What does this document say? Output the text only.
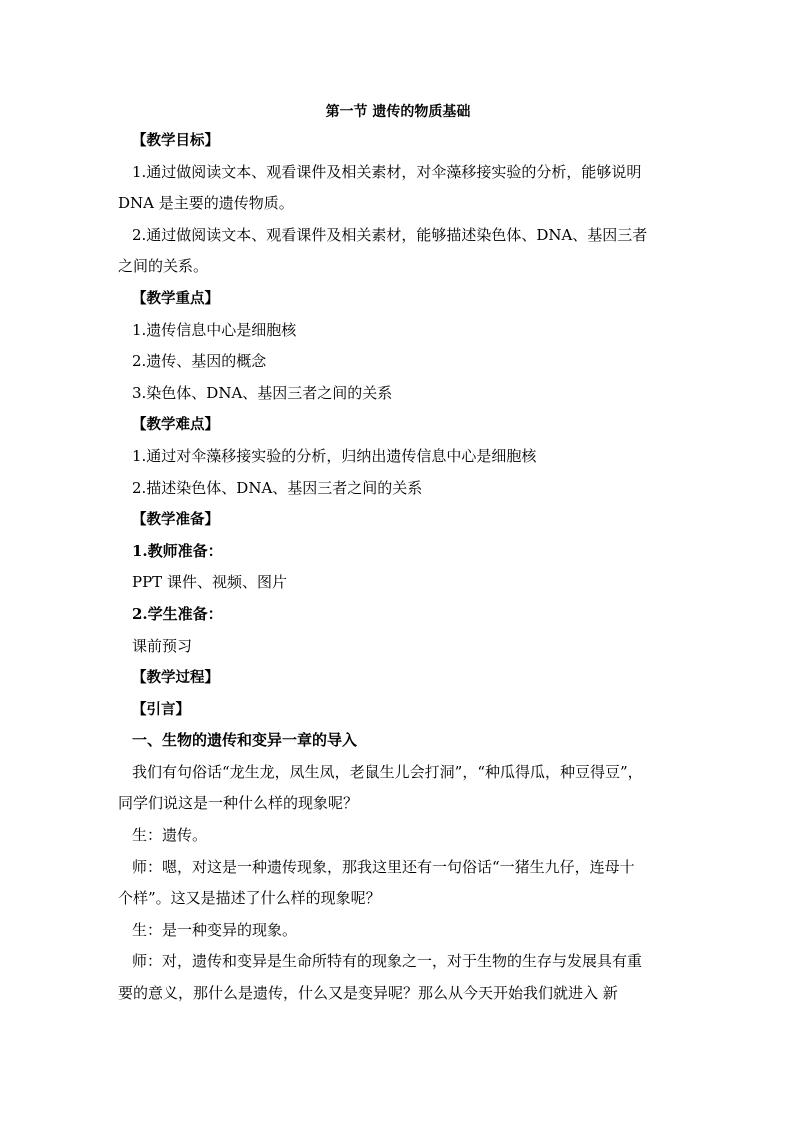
第一节 遗传的物质基础

【教学目标】

1.通过做阅读文本、观看课件及相关素材，对伞藻移接实验的分析，能够说明

DNA 是主要的遗传物质。

2.通过做阅读文本、观看课件及相关素材，能够描述染色体、DNA、基因三者

之间的关系。

【教学重点】

1.遗传信息中心是细胞核

2.遗传、基因的概念

3.染色体、DNA、基因三者之间的关系

【教学难点】

1.通过对伞藻移接实验的分析，归纳出遗传信息中心是细胞核

2.描述染色体、DNA、基因三者之间的关系

【教学准备】

1.教师准备：

PPT 课件、视频、图片

2.学生准备：

课前预习

【教学过程】

【引言】

一、生物的遗传和变异一章的导入

我们有句俗话“龙生龙，凤生凤，老鼠生儿会打洞”，“种瓜得瓜，种豆得豆”，

同学们说这是一种什么样的现象呢？

生：遗传。

师：嗯，对这是一种遗传现象，那我这里还有一句俗话“一猪生九仔，连母十

个样”。这又是描述了什么样的现象呢？

生：是一种变异的现象。

师：对，遗传和变异是生命所特有的现象之一，对于生物的生存与发展具有重

要的意义，那什么是遗传，什么又是变异呢？那么从今天开始我们就进入 新
